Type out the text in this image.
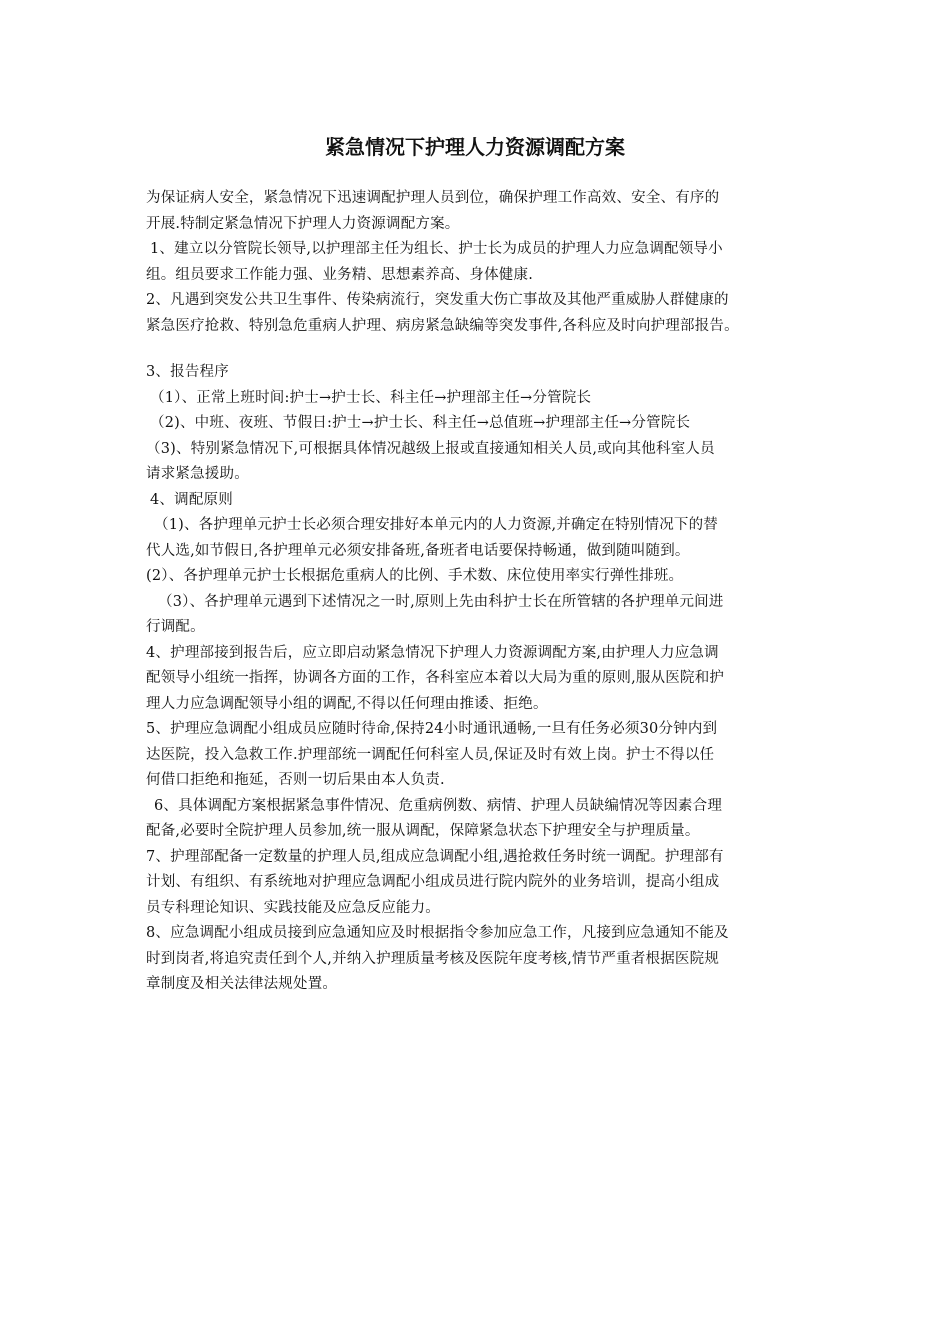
紧急情况下护理人力资源调配方案
为保证病人安全，紧急情况下迅速调配护理人员到位，确保护理工作高效、安全、有序的
开展.特制定紧急情况下护理人力资源调配方案。
1、建立以分管院长领导,以护理部主任为组长、护士长为成员的护理人力应急调配领导小
组。组员要求工作能力强、业务精、思想素养高、身体健康.
2、凡遇到突发公共卫生事件、传染病流行，突发重大伤亡事故及其他严重威胁人群健康的
紧急医疗抢救、特别急危重病人护理、病房紧急缺编等突发事件,各科应及时向护理部报告。
3、报告程序
（1）、正常上班时间:护士→护士长、科主任→护理部主任→分管院长
（2)、中班、夜班、节假日:护士→护士长、科主任→总值班→护理部主任→分管院长
（3)、特别紧急情况下,可根据具体情况越级上报或直接通知相关人员,或向其他科室人员
请求紧急援助。
4、调配原则
（1)、各护理单元护士长必须合理安排好本单元内的人力资源,并确定在特别情况下的替
代人选,如节假日,各护理单元必须安排备班,备班者电话要保持畅通，做到随叫随到。
(2）、各护理单元护士长根据危重病人的比例、手术数、床位使用率实行弹性排班。
（3）、各护理单元遇到下述情况之一时,原则上先由科护士长在所管辖的各护理单元间进
行调配。
4、护理部接到报告后，应立即启动紧急情况下护理人力资源调配方案,由护理人力应急调
配领导小组统一指挥，协调各方面的工作，各科室应本着以大局为重的原则,服从医院和护
理人力应急调配领导小组的调配,不得以任何理由推诿、拒绝。
5、护理应急调配小组成员应随时待命,保持24小时通讯通畅,一旦有任务必须30分钟内到
达医院，投入急救工作.护理部统一调配任何科室人员,保证及时有效上岗。护士不得以任
何借口拒绝和拖延，否则一切后果由本人负责.
6、具体调配方案根据紧急事件情况、危重病例数、病情、护理人员缺编情况等因素合理
配备,必要时全院护理人员参加,统一服从调配，保障紧急状态下护理安全与护理质量。
7、护理部配备一定数量的护理人员,组成应急调配小组,遇抢救任务时统一调配。护理部有
计划、有组织、有系统地对护理应急调配小组成员进行院内院外的业务培训，提高小组成
员专科理论知识、实践技能及应急反应能力。
8、应急调配小组成员接到应急通知应及时根据指令参加应急工作，凡接到应急通知不能及
时到岗者,将追究责任到个人,并纳入护理质量考核及医院年度考核,情节严重者根据医院规
章制度及相关法律法规处置。
